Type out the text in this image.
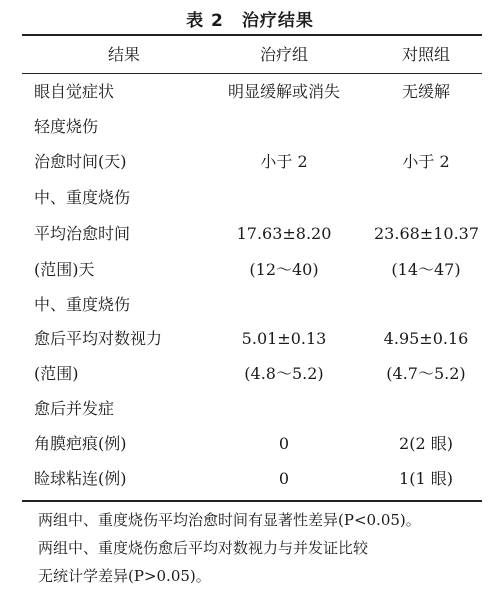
表 2　治疗结果
结果	治疗组	对照组
眼自觉症状	明显缓解或消失	无缓解
轻度烧伤
治愈时间(天)	小于 2	小于 2
中、重度烧伤
平均治愈时间	17.63±8.20	23.68±10.37
(范围)天	(12～40)	(14～47)
中、重度烧伤
愈后平均对数视力	5.01±0.13	4.95±0.16
(范围)	(4.8～5.2)	(4.7～5.2)
愈后并发症
角膜疤痕(例)	0	2(2 眼)
睑球粘连(例)	0	1(1 眼)
两组中、重度烧伤平均治愈时间有显著性差异(P<0.05)。
两组中、重度烧伤愈后平均对数视力与并发证比较
无统计学差异(P>0.05)。
